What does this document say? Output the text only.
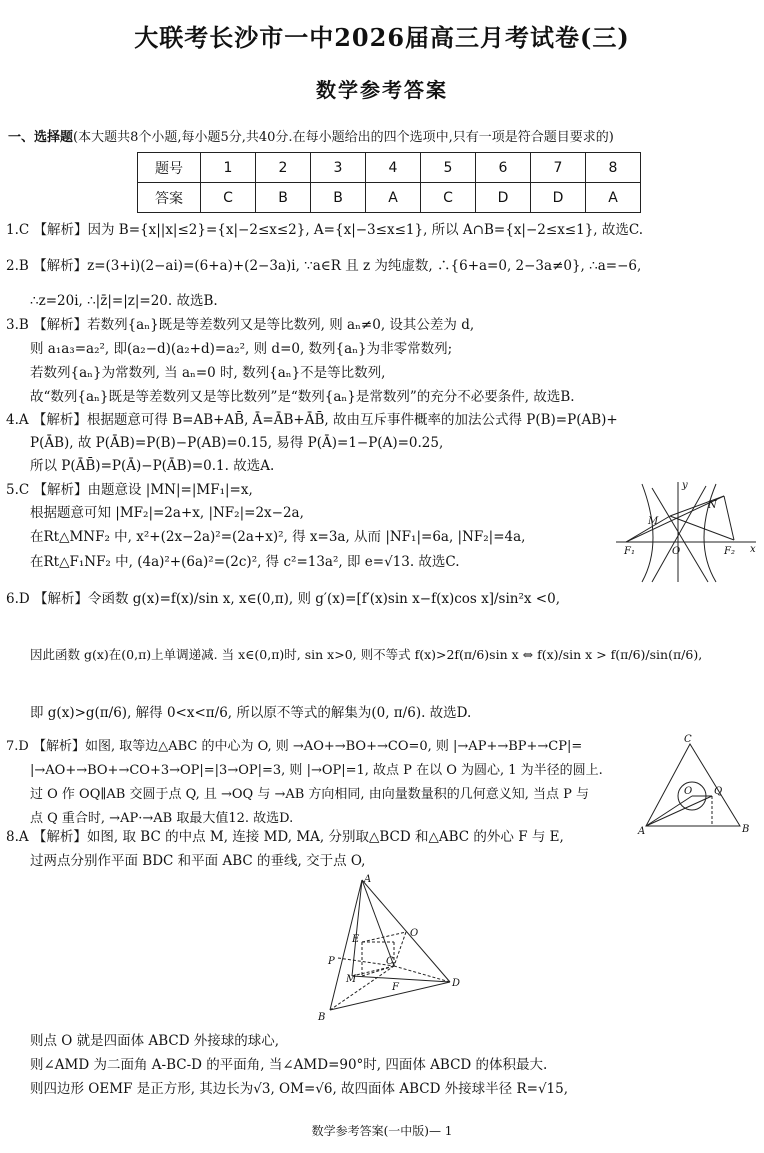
大联考长沙市一中2026届高三月考试卷(三)
数学参考答案
一、选择题(本大题共8个小题,每小题5分,共40分.在每小题给出的四个选项中,只有一项是符合题目要求的)
题号	1	2	3	4	5	6	7	8
答案	C	B	B	A	C	D	D	A
1.C 【解析】因为 B={x||x|≤2}={x|−2≤x≤2}, A={x|−3≤x≤1}, 所以 A∩B={x|−2≤x≤1}, 故选C.
2.B 【解析】z=(3+i)(2−ai)=(6+a)+(2−3a)i, ∵a∈R 且 z 为纯虚数, ∴{6+a=0, 2−3a≠0}, ∴a=−6,
∴z=20i, ∴|z̄|=|z|=20. 故选B.
3.B 【解析】若数列{aₙ}既是等差数列又是等比数列, 则 aₙ≠0, 设其公差为 d,
则 a₁a₃=a₂², 即(a₂−d)(a₂+d)=a₂², 则 d=0, 数列{aₙ}为非零常数列;
若数列{aₙ}为常数列, 当 aₙ=0 时, 数列{aₙ}不是等比数列,
故“数列{aₙ}既是等差数列又是等比数列”是“数列{aₙ}是常数列”的充分不必要条件, 故选B.
4.A 【解析】根据题意可得 B=AB+AB̄, Ā=ĀB+ĀB̄, 故由互斥事件概率的加法公式得 P(B)=P(AB)+
P(ĀB), 故 P(ĀB)=P(B)−P(AB)=0.15, 易得 P(Ā)=1−P(A)=0.25,
所以 P(ĀB̄)=P(Ā)−P(ĀB)=0.1. 故选A.
5.C 【解析】由题意设 |MN|=|MF₁|=x,
根据题意可知 |MF₂|=2a+x, |NF₂|=2x−2a,
在Rt△MNF₂ 中, x²+(2x−2a)²=(2a+x)², 得 x=3a, 从而 |NF₁|=6a, |NF₂|=4a,
在Rt△F₁NF₂ 中, (4a)²+(6a)²=(2c)², 得 c²=13a², 即 e=√13. 故选C.
6.D 【解析】令函数 g(x)=f(x)/sin x, x∈(0,π), 则 g′(x)=[f′(x)sin x−f(x)cos x]/sin²x <0,
因此函数 g(x)在(0,π)上单调递减. 当 x∈(0,π)时, sin x>0, 则不等式 f(x)>2f(π/6)sin x ⇔ f(x)/sin x > f(π/6)/sin(π/6),
即 g(x)>g(π/6), 解得 0<x<π/6, 所以原不等式的解集为(0, π/6). 故选D.
7.D 【解析】如图, 取等边△ABC 的中心为 O, 则 →AO+→BO+→CO=0, 则 |→AP+→BP+→CP|=
|→AO+→BO+→CO+3→OP|=|3→OP|=3, 则 |→OP|=1, 故点 P 在以 O 为圆心, 1 为半径的圆上.
过 O 作 OQ∥AB 交圆于点 Q, 且 →OQ 与 →AB 方向相同, 由向量数量积的几何意义知, 当点 P 与
点 Q 重合时, →AP·→AB 取最大值12. 故选D.
8.A 【解析】如图, 取 BC 的中点 M, 连接 MD, MA, 分别取△BCD 和△ABC 的外心 F 与 E,
过两点分别作平面 BDC 和平面 ABC 的垂线, 交于点 O,
则点 O 就是四面体 ABCD 外接球的球心,
则∠AMD 为二面角 A-BC-D 的平面角, 当∠AMD=90°时, 四面体 ABCD 的体积最大.
则四边形 OEMF 是正方形, 其边长为√3, OM=√6, 故四面体 ABCD 外接球半径 R=√15,
y
M
N
F₁	O	F₂ x
C
O Q
A	B
A
O
E
P	C
M
F	D
B
数学参考答案(一中版)— 1
